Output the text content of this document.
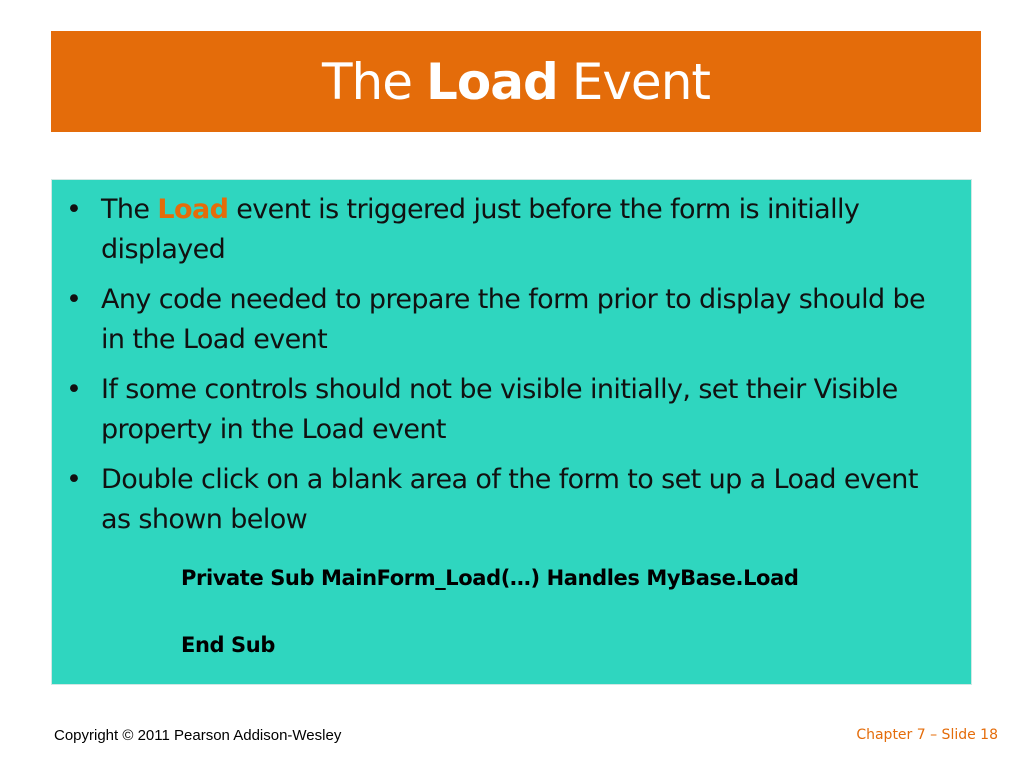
The Load Event
• The Load event is triggered just before the form is initially displayed
• Any code needed to prepare the form prior to display should be in the Load event
• If some controls should not be visible initially, set their Visible property in the Load event
• Double click on a blank area of the form to set up a Load event as shown below
Private Sub MainForm_Load(…) Handles MyBase.Load
End Sub
Copyright © 2011 Pearson Addison-Wesley	Chapter 7 – Slide 18
